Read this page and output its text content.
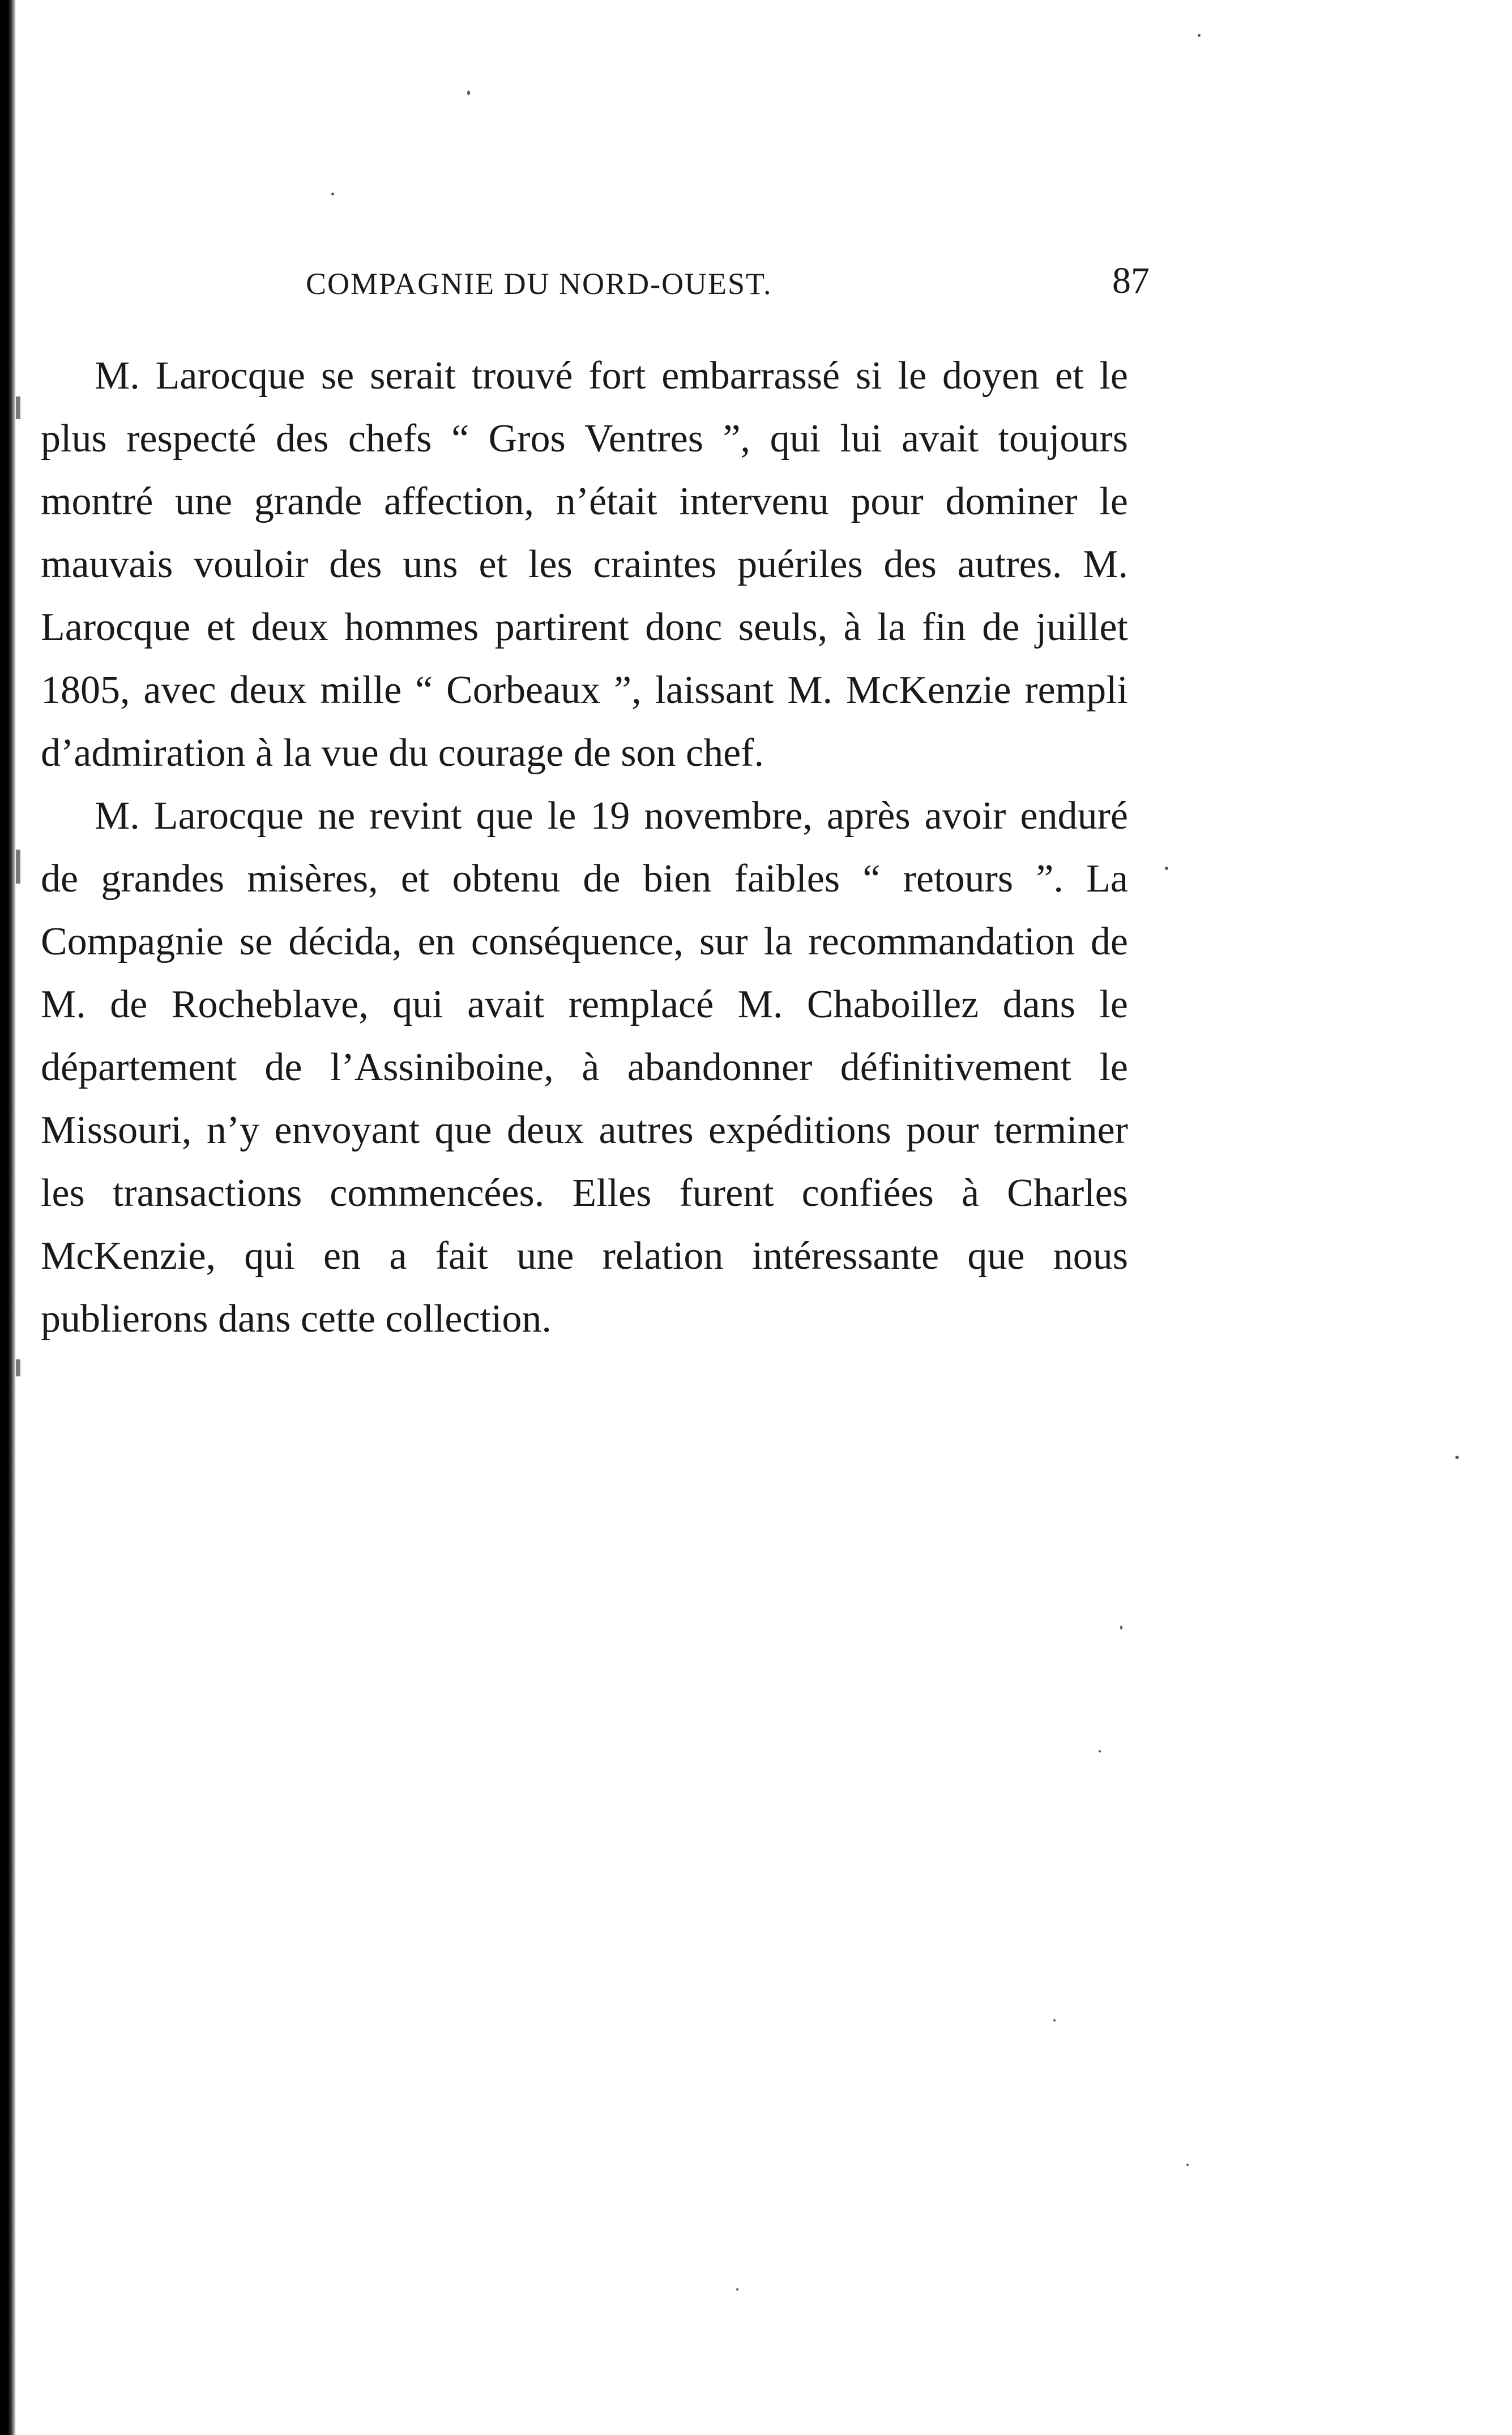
COMPAGNIE DU NORD-OUEST.	87

M. Larocque se serait trouvé fort embarrassé si le doyen et le plus respecté des chefs “ Gros Ventres ”, qui lui avait toujours montré une grande affection, n’était intervenu pour dominer le mauvais vouloir des uns et les craintes puériles des autres. M. Larocque et deux hommes partirent donc seuls, à la fin de juillet 1805, avec deux mille “ Corbeaux ”, laissant M. McKenzie rempli d’admiration à la vue du courage de son chef.

M. Larocque ne revint que le 19 novembre, après avoir enduré de grandes misères, et obtenu de bien faibles “ retours ”. La Compagnie se décida, en conséquence, sur la recommandation de M. de Rocheblave, qui avait remplacé M. Chaboillez dans le département de l’Assiniboine, à abandonner définitivement le Missouri, n’y envoyant que deux autres expéditions pour terminer les transactions commencées. Elles furent confiées à Charles McKenzie, qui en a fait une relation intéressante que nous publierons dans cette collection.
